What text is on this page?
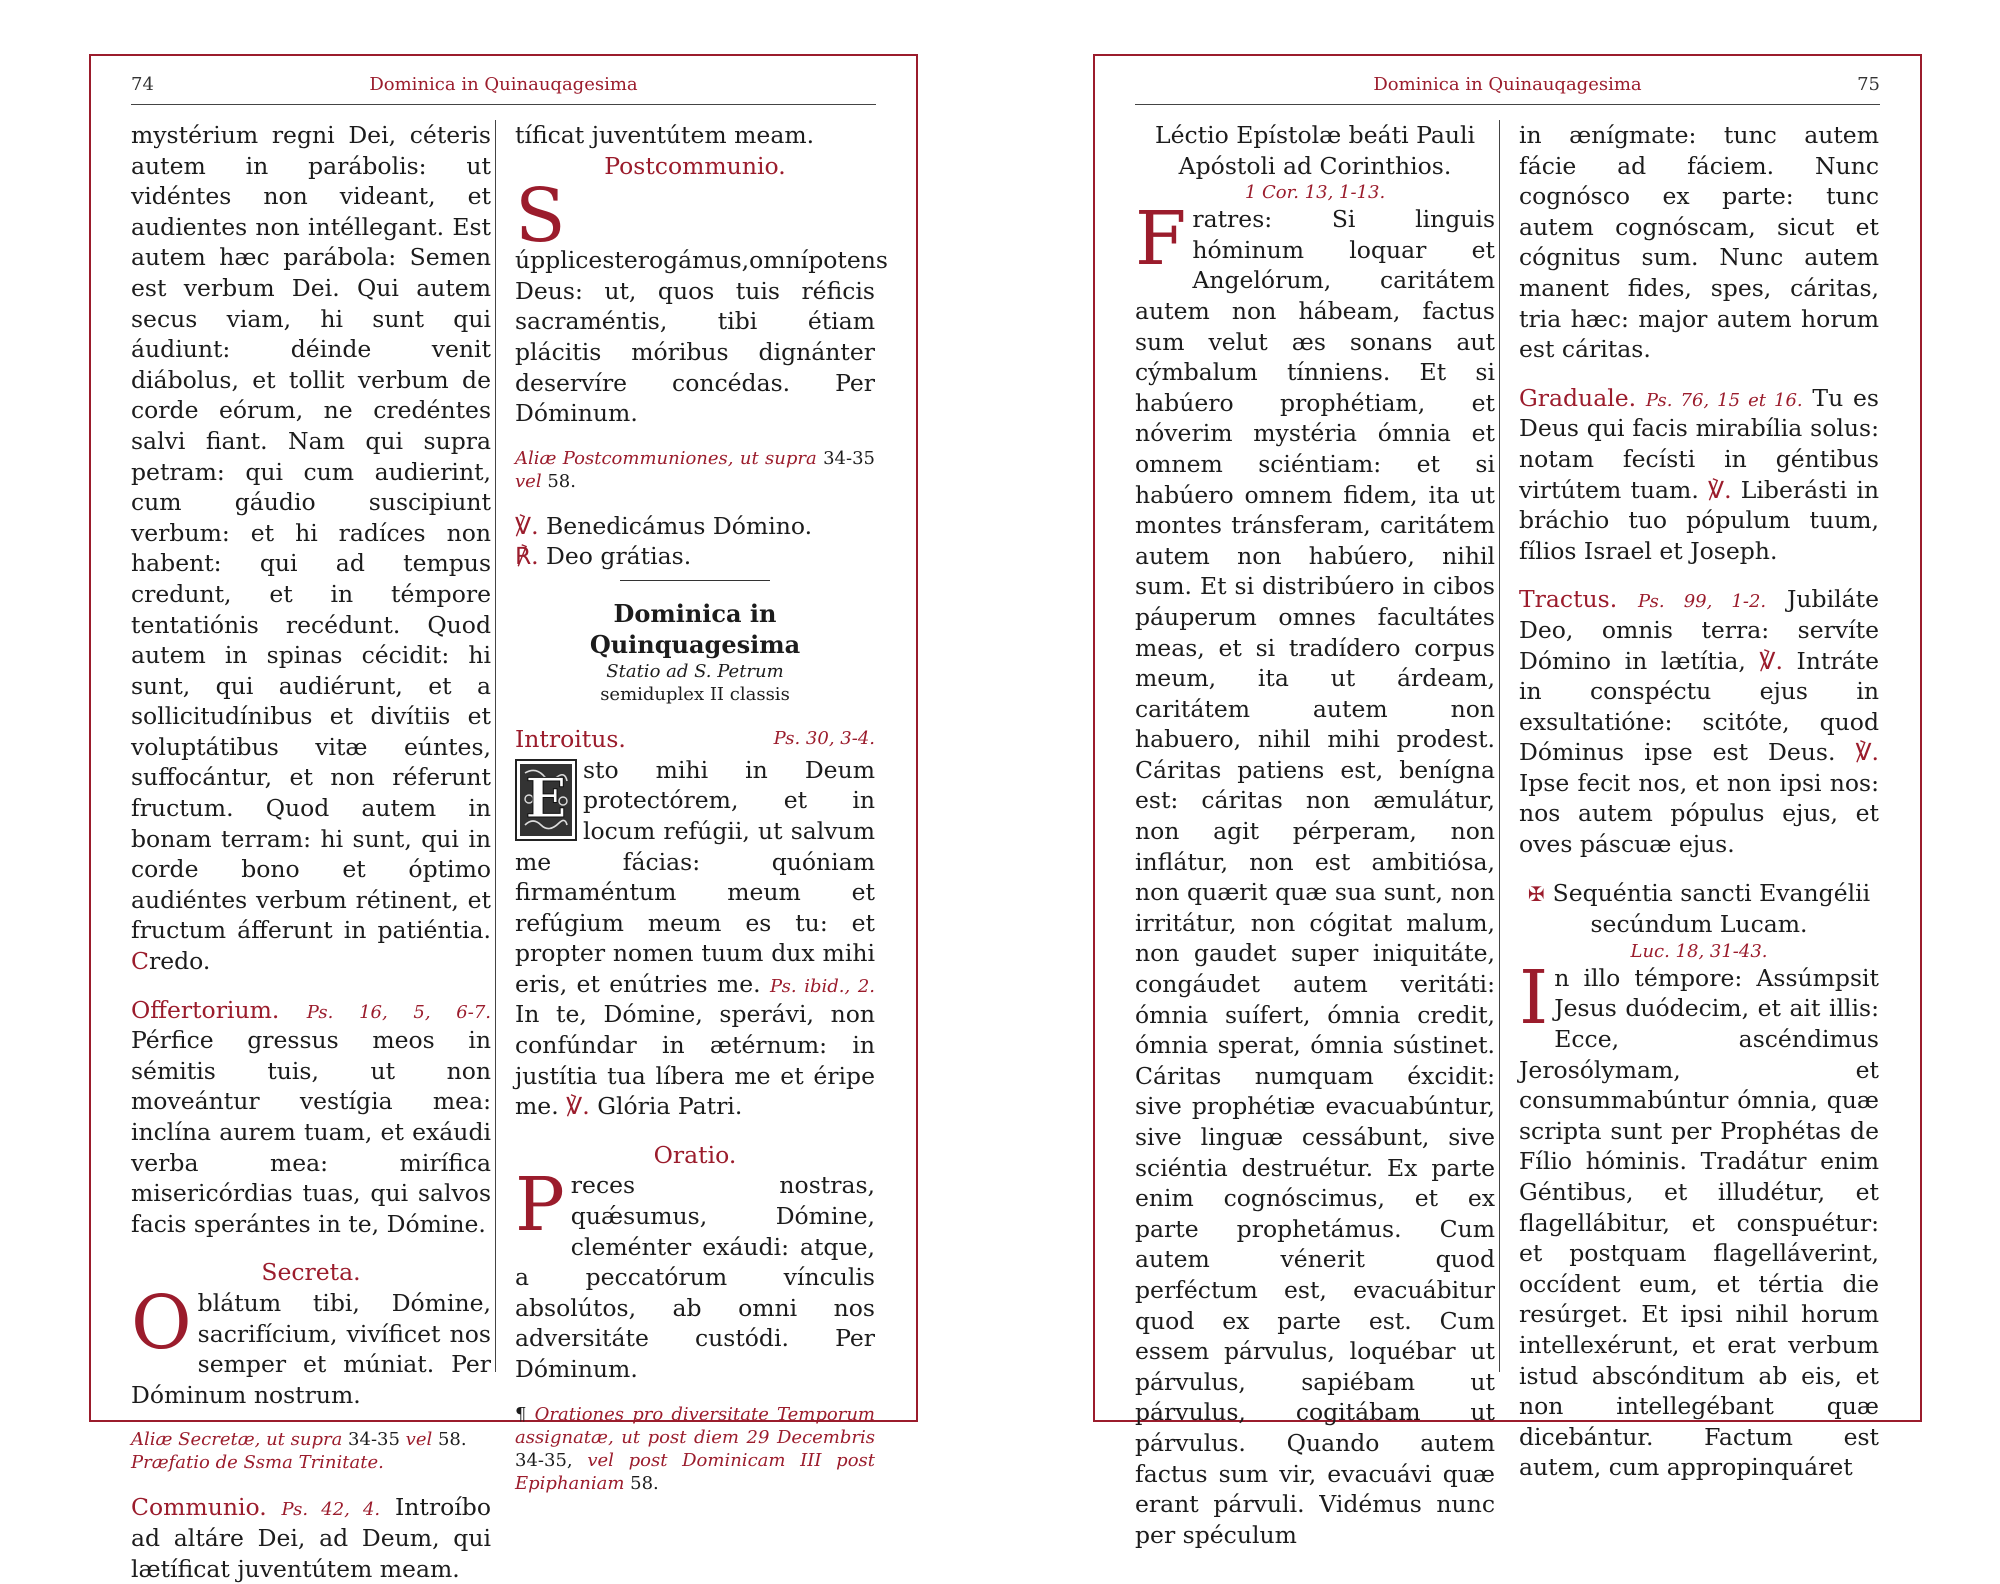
74	Dominica in Quinauqagesima

mystérium regni Dei, céteris autem in parábolis: ut vidéntes non videant, et audientes non intéllegant. Est autem hæc parábola: Semen est verbum Dei. Qui autem secus viam, hi sunt qui áudiunt: déinde venit diábolus, et tollit verbum de corde eórum, ne credéntes salvi fiant. Nam qui supra petram: qui cum audierint, cum gáudio suscipiunt verbum: et hi radíces non habent: qui ad tempus credunt, et in témpore tentatiónis recédunt. Quod autem in spinas cécidit: hi sunt, qui audiérunt, et a sollicitudínibus et divítiis et voluptátibus vitæ eúntes, suffocántur, et non réferunt fructum. Quod autem in bonam terram: hi sunt, qui in corde bono et óptimo audiéntes verbum rétinent, et fructum áfferunt in patiéntia. Credo.

Offertorium. Ps. 16, 5, 6-7. Pérfice gressus meos in sémitis tuis, ut non moveántur vestígia mea: inclína aurem tuam, et exáudi verba mea: mirífica misericórdias tuas, qui salvos facis sperántes in te, Dómine.

Secreta.

Oblátum tibi, Dómine, sacrifícium, vivíficet nos semper et múniat. Per Dóminum nostrum.

Aliæ Secretæ, ut supra 34-35 vel 58.
Præfatio de Ssma Trinitate.

Communio. Ps. 42, 4. Introíbo ad altáre Dei, ad Deum, qui lætíficat juventútem meam.

tíficat juventútem meam.

Postcommunio.

S
úpplicesterogámus,omnípotens Deus: ut, quos tuis réficis sacraméntis, tibi étiam plácitis móribus dignánter deservíre concédas. Per Dóminum.

Aliæ Postcommuniones, ut supra 34-35 vel 58.

℣. Benedicámus Dómino.

℟. Deo grátias.

Dominica in Quinquagesima

Statio ad S. Petrum

semiduplex II classis

Introitus.	Ps. 30, 3-4.

E sto mihi in Deum protectórem, et in locum refúgii, ut salvum me fácias: quóniam firmaméntum meum et refúgium meum es tu: et propter nomen tuum dux mihi eris, et enútries me. Ps. ibid., 2. In te, Dómine, sperávi, non confúndar in ætérnum: in justítia tua líbera me et éripe me. ℣. Glória Patri.

Oratio.

Preces nostras, quǽsumus, Dómine, cleménter exáudi: atque, a peccatórum vínculis absolútos, ab omni nos adversitáte custódi. Per Dóminum.

¶ Orationes pro diversitate Temporum assignatæ, ut post diem 29 Decembris 34-35, vel post Dominicam III post Epiphaniam 58.

Dominica in Quinauqagesima	75

Léctio Epístolæ beáti Pauli
Apóstoli ad Corinthios.

1 Cor. 13, 1-13.

Fratres: Si linguis hóminum loquar et Angelórum, caritátem autem non hábeam, factus sum velut æs sonans aut cýmbalum tínniens. Et si habúero prophétiam, et nóverim mystéria ómnia et omnem sciéntiam: et si habúero omnem fidem, ita ut montes tránsferam, caritátem autem non habúero, nihil sum. Et si distribúero in cibos páuperum omnes facultátes meas, et si tradídero corpus meum, ita ut árdeam, caritátem autem non habuero, nihil mihi prodest. Cáritas patiens est, benígna est: cáritas non æmulátur, non agit pérperam, non inflátur, non est ambitiósa, non quærit quæ sua sunt, non irritátur, non cógitat malum, non gaudet super iniquitáte, congáudet autem veritáti: ómnia suífert, ómnia credit, ómnia sperat, ómnia sústinet. Cáritas numquam éxcidit: sive prophétiæ evacuabúntur, sive linguæ cessábunt, sive sciéntia destruétur. Ex parte enim cognóscimus, et ex parte prophetámus. Cum autem vénerit quod perféctum est, evacuábitur quod ex parte est. Cum essem párvulus, loquébar ut párvulus, sapiébam ut párvulus, cogitábam ut párvulus. Quando autem factus sum vir, evacuávi quæ erant párvuli. Vidémus nunc per spéculum

in ænígmate: tunc autem fácie ad fáciem. Nunc cognósco ex parte: tunc autem cognóscam, sicut et cógnitus sum. Nunc autem manent fides, spes, cáritas, tria hæc: major autem horum est cáritas.

Graduale. Ps. 76, 15 et 16. Tu es Deus qui facis mirabília solus: notam fecísti in géntibus virtútem tuam. ℣. Liberásti in bráchio tuo pópulum tuum, fílios Israel et Joseph.

Tractus. Ps. 99, 1-2. Jubiláte Deo, omnis terra: servíte Dómino in lætítia, ℣. Intráte in conspéctu ejus in exsultatióne: scitóte, quod Dóminus ipse est Deus. ℣. Ipse fecit nos, et non ipsi nos: nos autem pópulus ejus, et oves páscuæ ejus.

✠ Sequéntia sancti Evangélii
secúndum Lucam.

Luc. 18, 31-43.

In illo témpore: Assúmpsit Jesus duódecim, et ait illis: Ecce, ascéndimus Jerosólymam, et consummabúntur ómnia, quæ scripta sunt per Prophétas de Fílio hóminis. Tradátur enim Géntibus, et illudétur, et flagellábitur, et conspuétur: et postquam flagelláverint, occídent eum, et tértia die resúrget. Et ipsi nihil horum intellexérunt, et erat verbum istud abscónditum ab eis, et non intellegébant quæ dicebántur. Factum est autem, cum appropinquáret
